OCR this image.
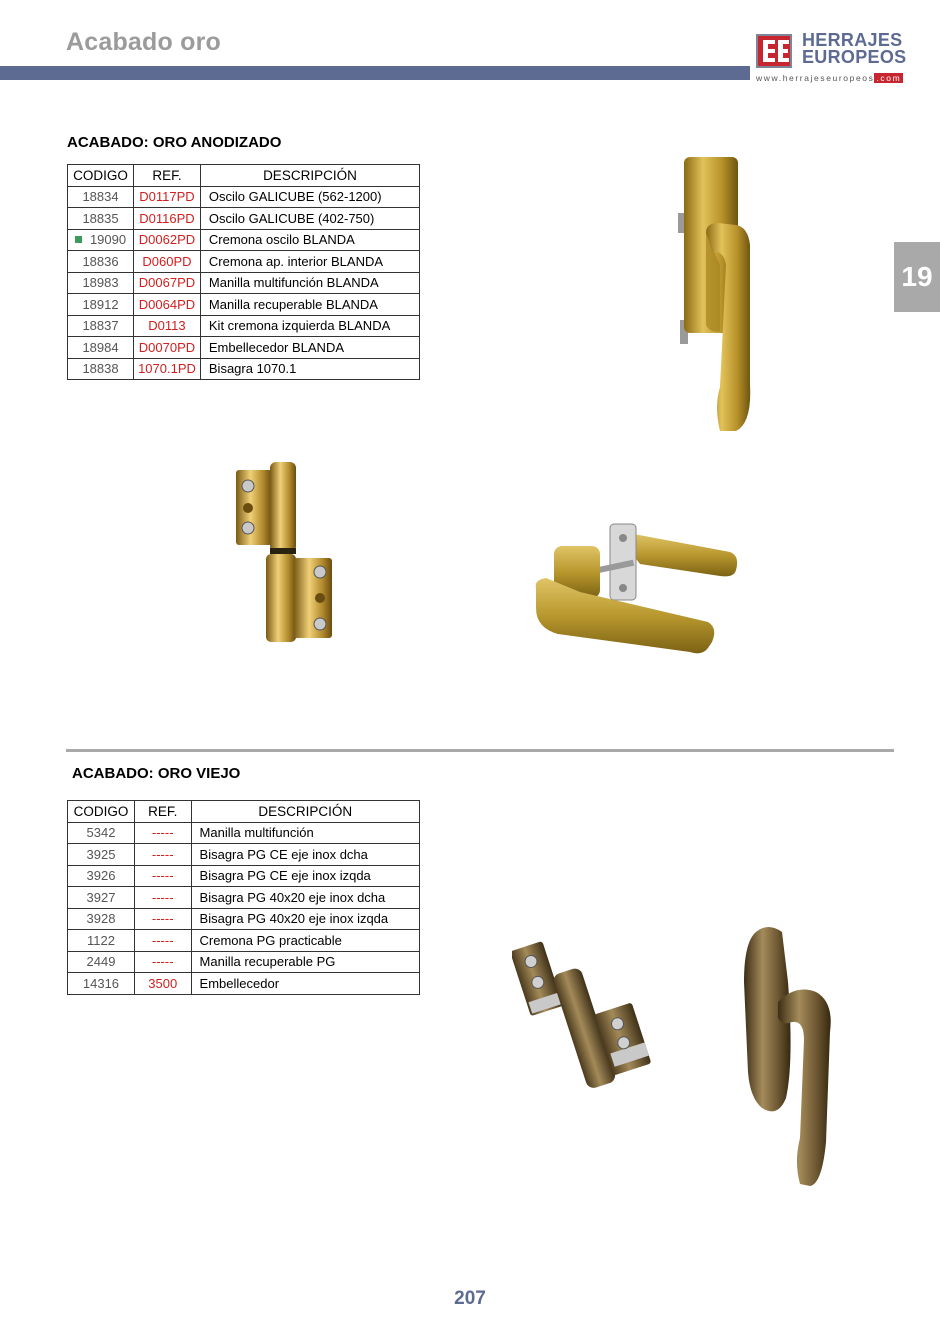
Acabado oro	HERRAJES
EUROPEOS
www.herrajeseuropeos .com
19
ACABADO: ORO ANODIZADO
CODIGO	REF.	DESCRIPCIÓN
18834	D0117PD	Oscilo GALICUBE (562-1200)
18835	D0116PD	Oscilo GALICUBE (402-750)
19090	D0062PD	Cremona oscilo BLANDA
18836	D060PD	Cremona ap. interior BLANDA
18983	D0067PD	Manilla multifunción BLANDA
18912	D0064PD	Manilla recuperable BLANDA
18837	D0113	Kit cremona izquierda BLANDA
18984	D0070PD	Embellecedor BLANDA
18838	1070.1PD	Bisagra 1070.1
ACABADO: ORO VIEJO
CODIGO	REF.	DESCRIPCIÓN
5342	-----	Manilla multifunción
3925	-----	Bisagra PG CE eje inox dcha
3926	-----	Bisagra PG CE eje inox izqda
3927	-----	Bisagra PG 40x20 eje inox dcha
3928	-----	Bisagra PG 40x20 eje inox izqda
1122	-----	Cremona PG practicable
2449	-----	Manilla recuperable PG
14316	3500	Embellecedor
207
